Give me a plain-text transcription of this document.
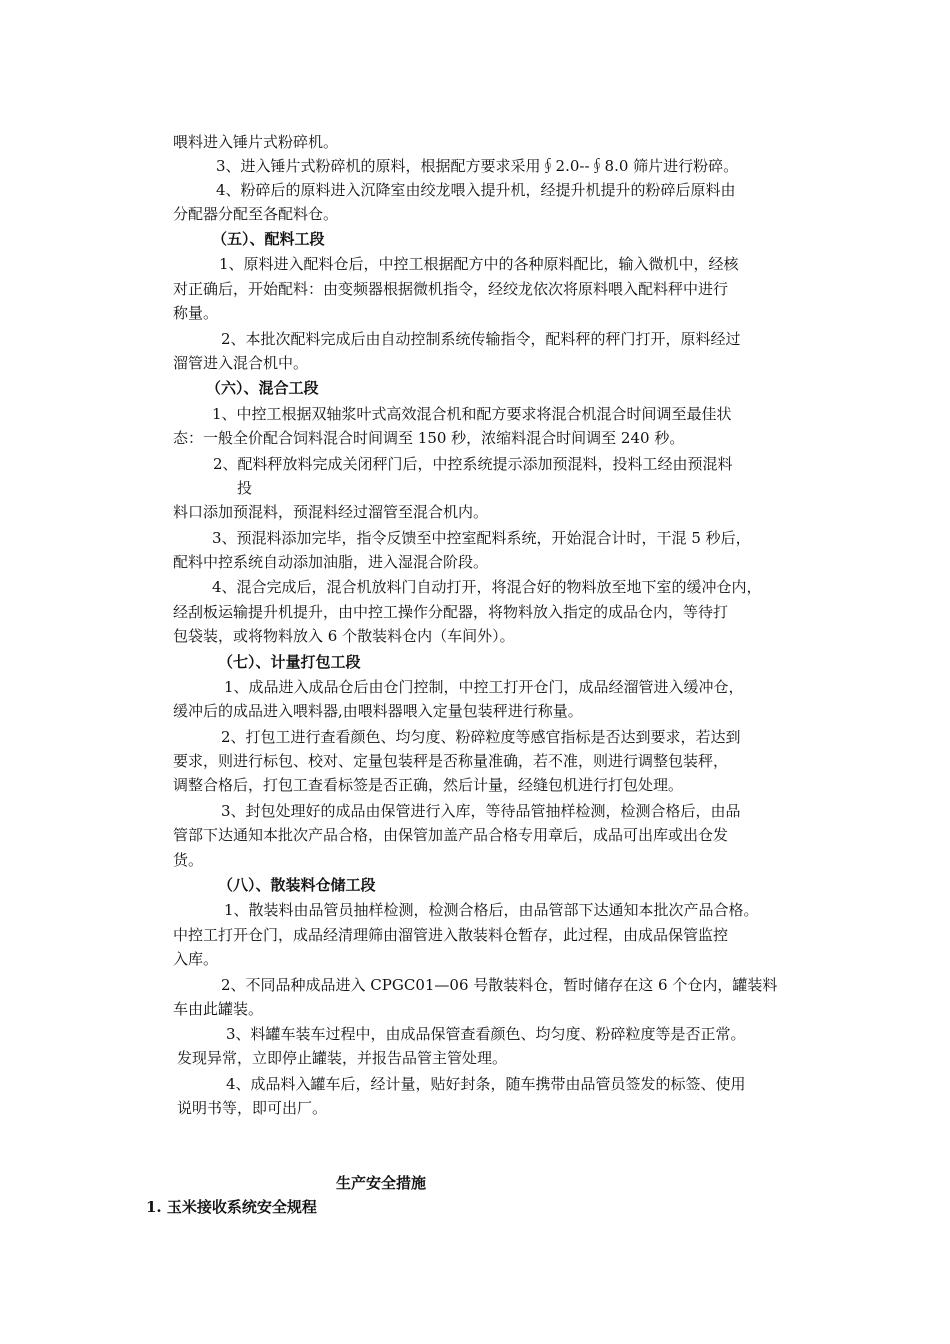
喂料进入锤片式粉碎机。
3、进入锤片式粉碎机的原料，根据配方要求采用∮2.0--∮8.0 筛片进行粉碎。
4、粉碎后的原料进入沉降室由绞龙喂入提升机，经提升机提升的粉碎后原料由
分配器分配至各配料仓。
（五）、配料工段
1、原料进入配料仓后，中控工根据配方中的各种原料配比，输入微机中，经核
对正确后，开始配料：由变频器根据微机指令，经绞龙依次将原料喂入配料秤中进行
称量。
2、本批次配料完成后由自动控制系统传输指令，配料秤的秤门打开，原料经过
溜管进入混合机中。
（六）、混合工段
1、中控工根据双轴浆叶式高效混合机和配方要求将混合机混合时间调至最佳状
态：一般全价配合饲料混合时间调至 150 秒，浓缩料混合时间调至 240 秒。
2、配料秤放料完成关闭秤门后，中控系统提示添加预混料，投料工经由预混料
投
料口添加预混料，预混料经过溜管至混合机内。
3、预混料添加完毕，指令反馈至中控室配料系统，开始混合计时，干混 5 秒后，
配料中控系统自动添加油脂，进入湿混合阶段。
4、混合完成后，混合机放料门自动打开，将混合好的物料放至地下室的缓冲仓内，
经刮板运输提升机提升，由中控工操作分配器，将物料放入指定的成品仓内，等待打
包袋装，或将物料放入 6 个散装料仓内（车间外）。
（七）、计量打包工段
1、成品进入成品仓后由仓门控制，中控工打开仓门，成品经溜管进入缓冲仓，
缓冲后的成品进入喂料器,由喂料器喂入定量包装秤进行称量。
2、打包工进行查看颜色、均匀度、粉碎粒度等感官指标是否达到要求，若达到
要求，则进行标包、校对、定量包装秤是否称量准确，若不准，则进行调整包装秤，
调整合格后，打包工查看标签是否正确，然后计量，经缝包机进行打包处理。
3、封包处理好的成品由保管进行入库，等待品管抽样检测，检测合格后，由品
管部下达通知本批次产品合格，由保管加盖产品合格专用章后，成品可出库或出仓发
货。
（八）、散装料仓储工段
1、散装料由品管员抽样检测，检测合格后，由品管部下达通知本批次产品合格。
中控工打开仓门，成品经清理筛由溜管进入散装料仓暂存，此过程，由成品保管监控
入库。
2、不同品种成品进入 CPGC01—06 号散装料仓，暂时储存在这 6 个仓内，罐装料
车由此罐装。
3、料罐车装车过程中，由成品保管查看颜色、均匀度、粉碎粒度等是否正常。
发现异常，立即停止罐装，并报告品管主管处理。
4、成品料入罐车后，经计量，贴好封条，随车携带由品管员签发的标签、使用
说明书等，即可出厂。
生产安全措施
1. 玉米接收系统安全规程
